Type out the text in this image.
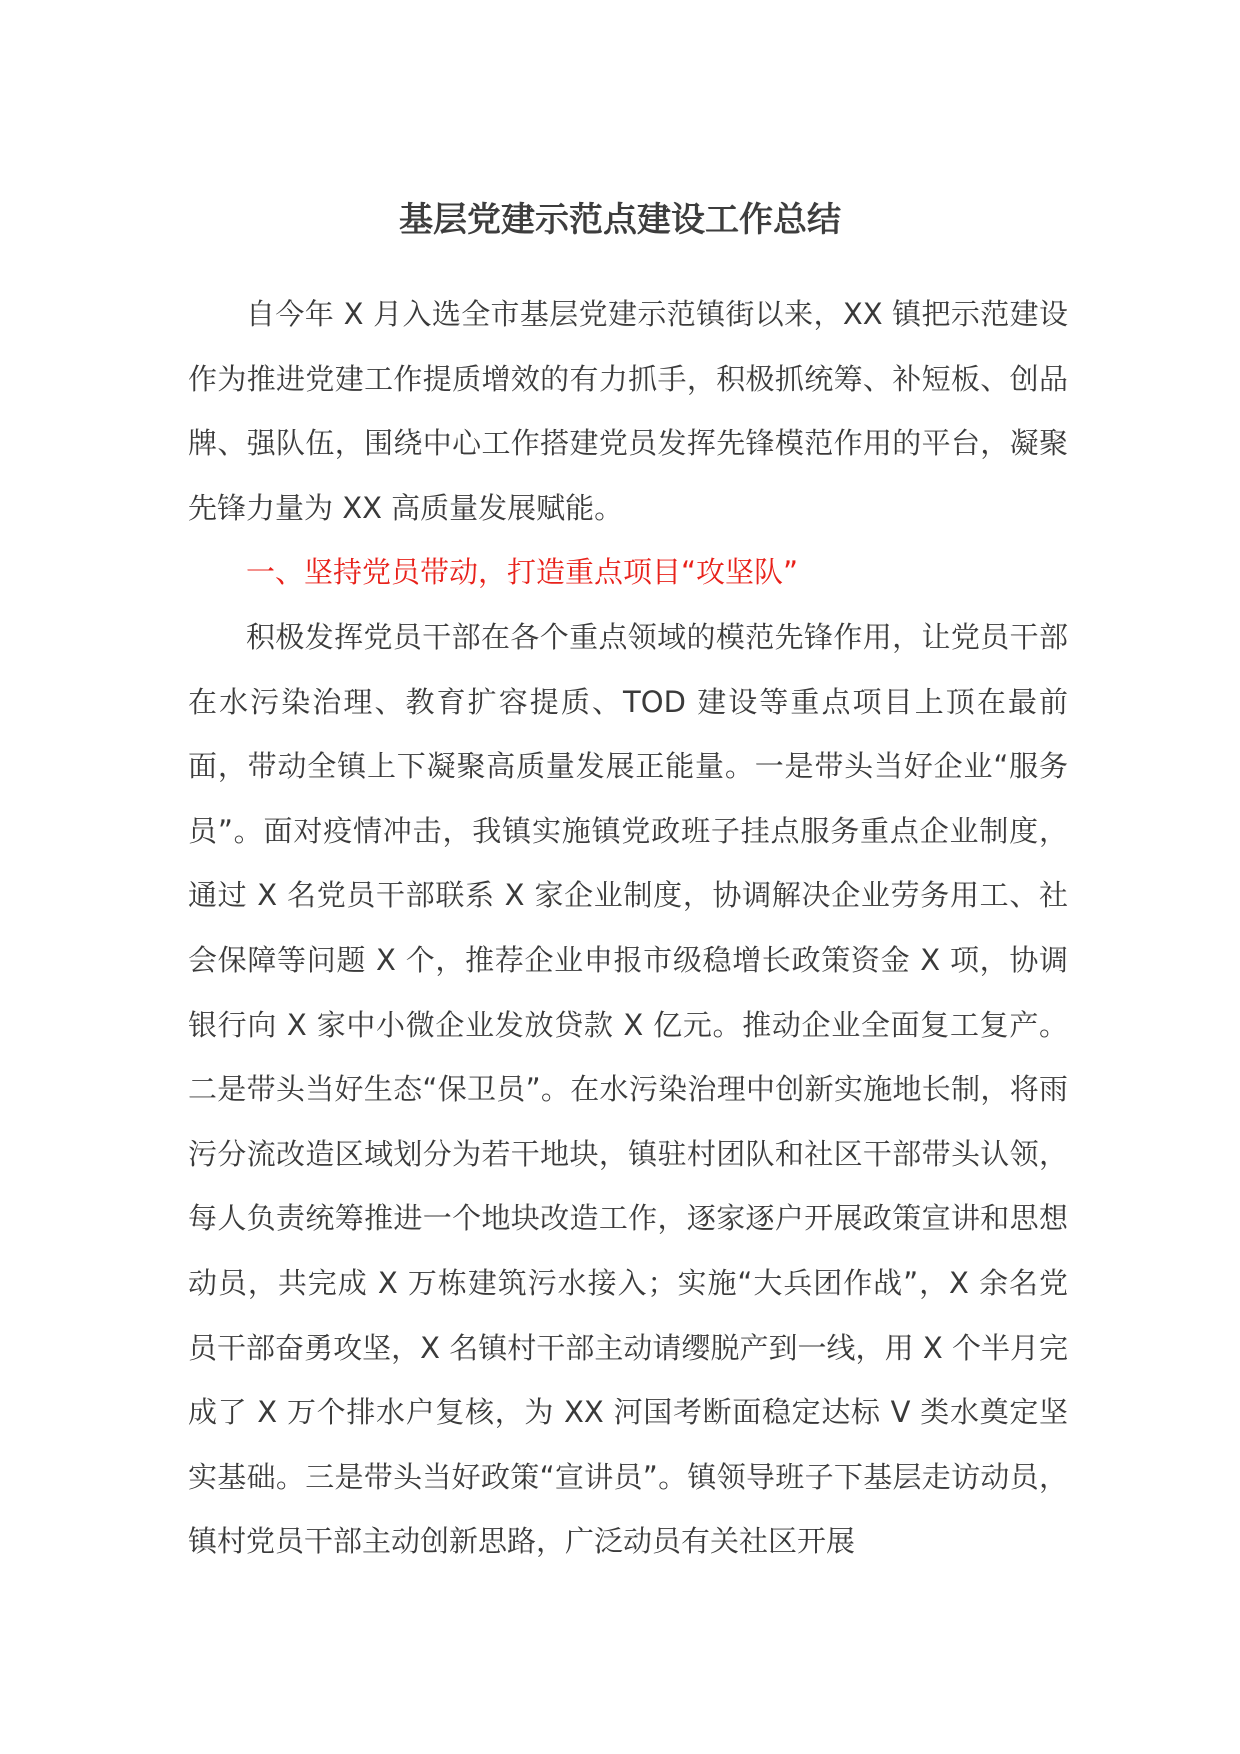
基层党建示范点建设工作总结

自今年 X 月入选全市基层党建示范镇街以来，XX 镇把示范建设作为推进党建工作提质增效的有力抓手，积极抓统筹、补短板、创品牌、强队伍，围绕中心工作搭建党员发挥先锋模范作用的平台，凝聚先锋力量为 XX 高质量发展赋能。

一、坚持党员带动，打造重点项目“攻坚队”

积极发挥党员干部在各个重点领域的模范先锋作用，让党员干部在水污染治理、教育扩容提质、TOD 建设等重点项目上顶在最前面，带动全镇上下凝聚高质量发展正能量。一是带头当好企业“服务员”。面对疫情冲击，我镇实施镇党政班子挂点服务重点企业制度，通过 X 名党员干部联系 X 家企业制度，协调解决企业劳务用工、社会保障等问题 X 个，推荐企业申报市级稳增长政策资金 X 项，协调银行向 X 家中小微企业发放贷款 X 亿元。推动企业全面复工复产。二是带头当好生态“保卫员”。在水污染治理中创新实施地长制，将雨污分流改造区域划分为若干地块，镇驻村团队和社区干部带头认领，每人负责统筹推进一个地块改造工作，逐家逐户开展政策宣讲和思想动员，共完成 X 万栋建筑污水接入；实施“大兵团作战”，X 余名党员干部奋勇攻坚，X 名镇村干部主动请缨脱产到一线，用 X 个半月完成了 X 万个排水户复核，为 XX 河国考断面稳定达标 V 类水奠定坚实基础。三是带头当好政策“宣讲员”。镇领导班子下基层走访动员，镇村党员干部主动创新思路，广泛动员有关社区开展
